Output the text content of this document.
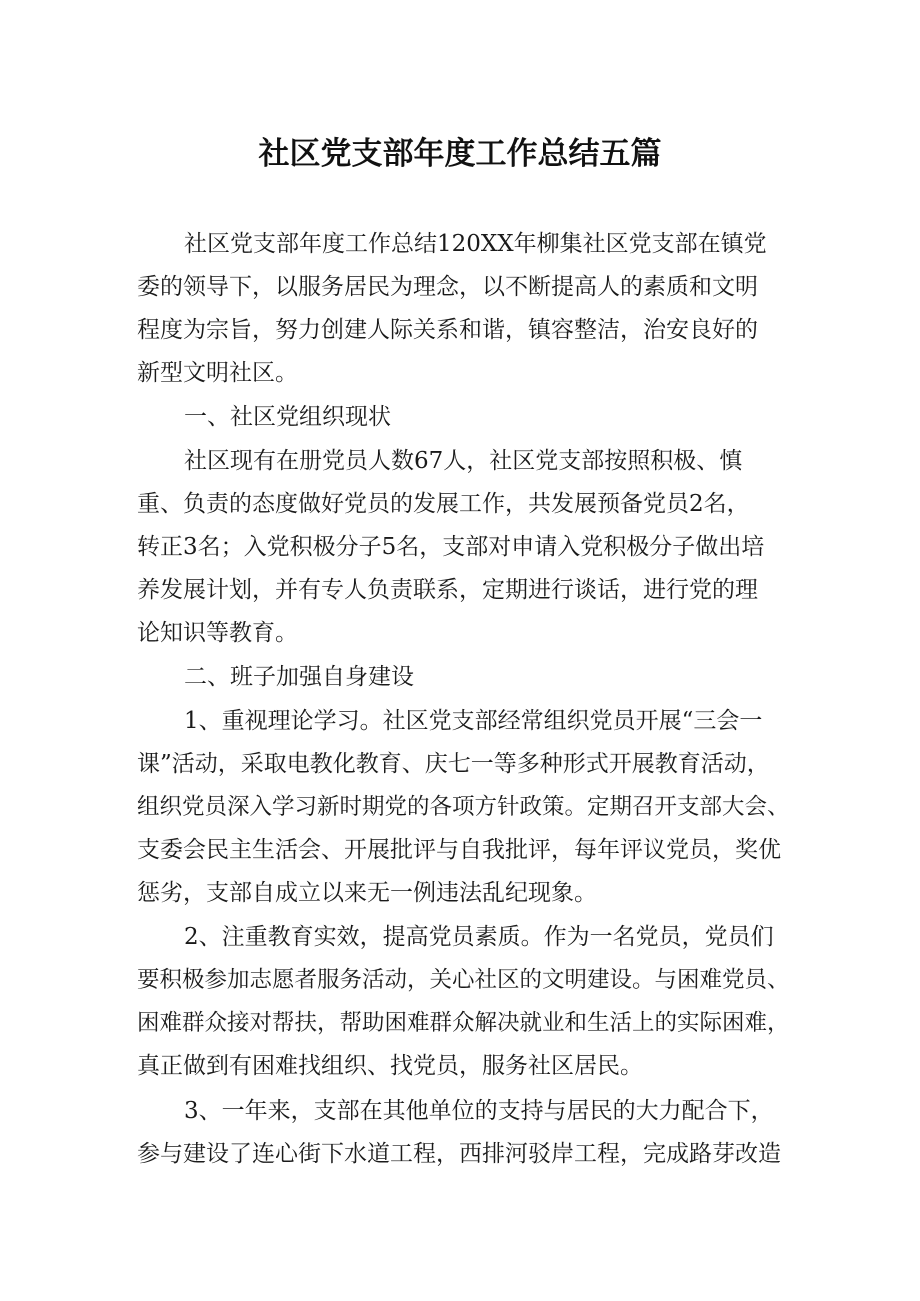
社区党支部年度工作总结五篇
社区党支部年度工作总结120XX年柳集社区党支部在镇党
委的领导下，以服务居民为理念，以不断提高人的素质和文明
程度为宗旨，努力创建人际关系和谐，镇容整洁，治安良好的
新型文明社区。
一、社区党组织现状
社区现有在册党员人数67人，社区党支部按照积极、慎
重、负责的态度做好党员的发展工作，共发展预备党员2名，
转正3名；入党积极分子5名，支部对申请入党积极分子做出培
养发展计划，并有专人负责联系，定期进行谈话，进行党的理
论知识等教育。
二、班子加强自身建设
1、重视理论学习。社区党支部经常组织党员开展“三会一
课”活动，采取电教化教育、庆七一等多种形式开展教育活动，
组织党员深入学习新时期党的各项方针政策。定期召开支部大会、
支委会民主生活会、开展批评与自我批评，每年评议党员，奖优
惩劣，支部自成立以来无一例违法乱纪现象。
2、注重教育实效，提高党员素质。作为一名党员，党员们
要积极参加志愿者服务活动，关心社区的文明建设。与困难党员、
困难群众接对帮扶，帮助困难群众解决就业和生活上的实际困难，
真正做到有困难找组织、找党员，服务社区居民。
3、一年来，支部在其他单位的支持与居民的大力配合下，
参与建设了连心街下水道工程，西排河驳岸工程，完成路芽改造
